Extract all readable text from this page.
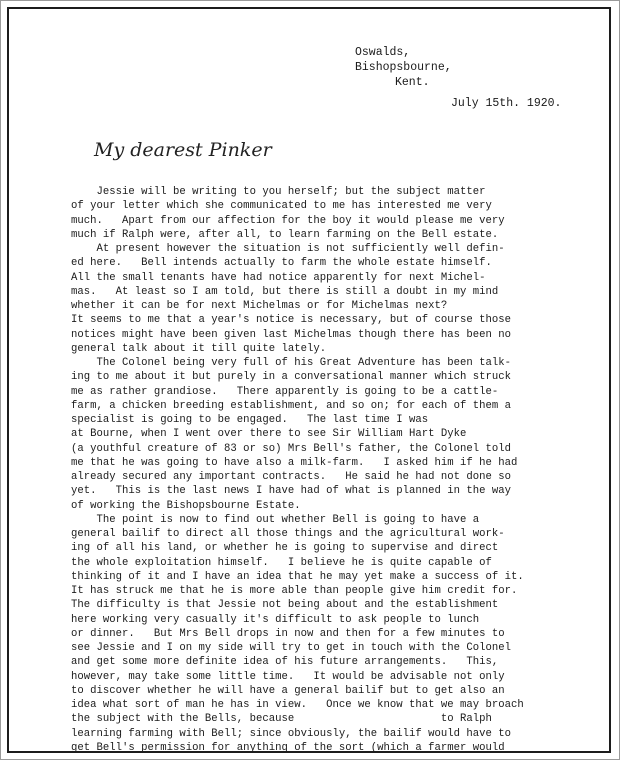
Oswalds,
Bishopsbourne,
Kent.
July 15th. 1920.
My dearest Pinker
Jessie will be writing to you herself; but the subject matter
of your letter which she communicated to me has interested me very
much.   Apart from our affection for the boy it would please me very
much if Ralph were, after all, to learn farming on the Bell estate.
At present however the situation is not sufficiently well defin-
ed here.   Bell intends actually to farm the whole estate himself.
All the small tenants have had notice apparently for next Michel-
mas.   At least so I am told, but there is still a doubt in my mind
whether it can be for next Michelmas or for Michelmas next?
It seems to me that a year's notice is necessary, but of course those
notices might have been given last Michelmas though there has been no
general talk about it till quite lately.
The Colonel being very full of his Great Adventure has been talk-
ing to me about it but purely in a conversational manner which struck
me as rather grandiose.   There apparently is going to be a cattle-
farm, a chicken breeding establishment, and so on; for each of them a
specialist is going to be engaged.   The last time I was
at Bourne, when I went over there to see Sir William Hart Dyke
(a youthful creature of 83 or so) Mrs Bell's father, the Colonel told
me that he was going to have also a milk-farm.   I asked him if he had
already secured any important contracts.   He said he had not done so
yet.   This is the last news I have had of what is planned in the way
of working the Bishopsbourne Estate.
The point is now to find out whether Bell is going to have a
general bailif to direct all those things and the agricultural work-
ing of all his land, or whether he is going to supervise and direct
the whole exploitation himself.   I believe he is quite capable of
thinking of it and I have an idea that he may yet make a success of it.
It has struck me that he is more able than people give him credit for.
The difficulty is that Jessie not being about and the establishment
here working very casually it's difficult to ask people to lunch
or dinner.   But Mrs Bell drops in now and then for a few minutes to
see Jessie and I on my side will try to get in touch with the Colonel
and get some more definite idea of his future arrangements.   This,
however, may take some little time.   It would be advisable not only
to discover whether he will have a general bailif but to get also an
idea what sort of man he has in view.   Once we know that we may broach
the subject with the Bells, because                       to Ralph
learning farming with Bell; since obviously, the bailif would have to
get Bell's permission for anything of the sort (which a farmer would
